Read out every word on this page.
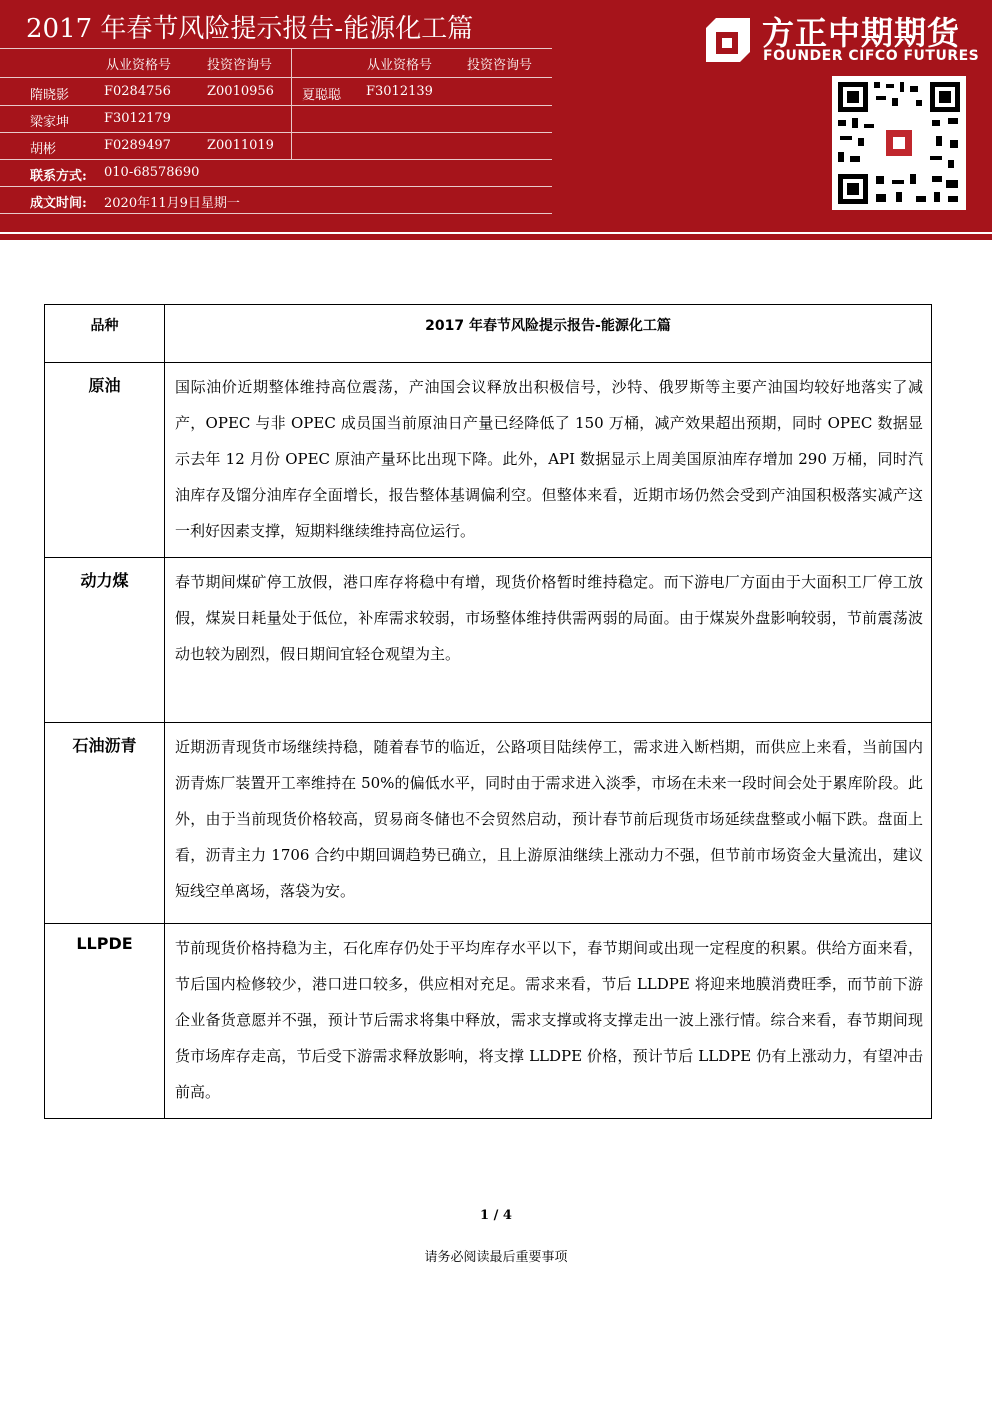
2017 年春节风险提示报告-能源化工篇
从业资格号	投资咨询号	从业资格号	投资咨询号
隋晓影	F0284756	Z0010956 夏聪聪 F3012139
梁家坤	F3012179
胡彬	F0289497	Z0011019
联系方式: 010-68578690
成文时间: 2020年11月9日星期一
方正中期期货
FOUNDER CIFCO FUTURES
品种	2017 年春节风险提示报告-能源化工篇
原油	国际油价近期整体维持高位震荡，产油国会议释放出积极信号，沙特、俄罗斯等主要产油国均较好地落实了减产，OPEC 与非 OPEC 成员国当前原油日产量已经降低了 150 万桶，减产效果超出预期，同时 OPEC 数据显示去年 12 月份 OPEC 原油产量环比出现下降。此外，API 数据显示上周美国原油库存增加 290 万桶，同时汽油库存及馏分油库存全面增长，报告整体基调偏利空。但整体来看，近期市场仍然会受到产油国积极落实减产这一利好因素支撑，短期料继续维持高位运行。
动力煤	春节期间煤矿停工放假，港口库存将稳中有增，现货价格暂时维持稳定。而下游电厂方面由于大面积工厂停工放假，煤炭日耗量处于低位，补库需求较弱，市场整体维持供需两弱的局面。由于煤炭外盘影响较弱，节前震荡波动也较为剧烈，假日期间宜轻仓观望为主。
石油沥青	近期沥青现货市场继续持稳，随着春节的临近，公路项目陆续停工，需求进入断档期，而供应上来看，当前国内沥青炼厂装置开工率维持在 50%的偏低水平，同时由于需求进入淡季，市场在未来一段时间会处于累库阶段。此外，由于当前现货价格较高，贸易商冬储也不会贸然启动，预计春节前后现货市场延续盘整或小幅下跌。盘面上看，沥青主力 1706 合约中期回调趋势已确立，且上游原油继续上涨动力不强，但节前市场资金大量流出，建议短线空单离场，落袋为安。
LLPDE	节前现货价格持稳为主，石化库存仍处于平均库存水平以下，春节期间或出现一定程度的积累。供给方面来看，节后国内检修较少，港口进口较多，供应相对充足。需求来看，节后 LLDPE 将迎来地膜消费旺季，而节前下游企业备货意愿并不强，预计节后需求将集中释放，需求支撑或将支撑走出一波上涨行情。综合来看，春节期间现货市场库存走高，节后受下游需求释放影响，将支撑 LLDPE 价格，预计节后 LLDPE 仍有上涨动力，有望冲击前高。
1 / 4
请务必阅读最后重要事项
